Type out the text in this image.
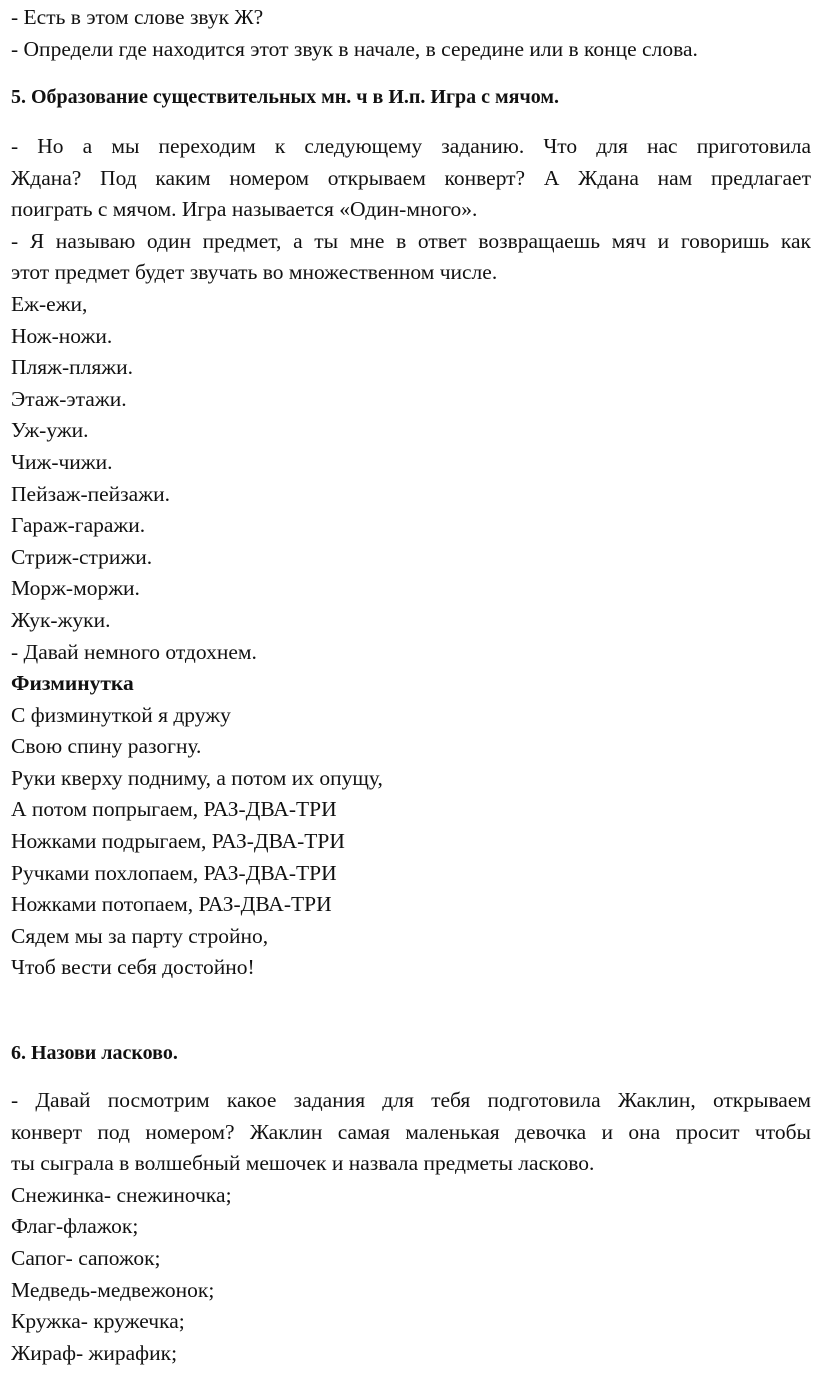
- Есть в этом слове звук Ж?
- Определи где находится этот звук в начале, в середине или в конце слова.
5. Образование существительных мн. ч в И.п. Игра с мячом.
- Но а мы переходим к следующему заданию. Что для нас приготовила
Ждана? Под каким номером открываем конверт? А Ждана нам предлагает
поиграть с мячом. Игра называется «Один-много».
- Я называю один предмет, а ты мне в ответ возвращаешь мяч и говоришь как
этот предмет будет звучать во множественном числе.
Еж-ежи,
Нож-ножи.
Пляж-пляжи.
Этаж-этажи.
Уж-ужи.
Чиж-чижи.
Пейзаж-пейзажи.
Гараж-гаражи.
Стриж-стрижи.
Морж-моржи.
Жук-жуки.
- Давай немного отдохнем.
Физминутка
С физминуткой я дружу
Свою спину разогну.
Руки кверху подниму, а потом их опущу,
А потом попрыгаем, РАЗ-ДВА-ТРИ
Ножками подрыгаем, РАЗ-ДВА-ТРИ
Ручками похлопаем, РАЗ-ДВА-ТРИ
Ножками потопаем, РАЗ-ДВА-ТРИ
Сядем мы за парту стройно,
Чтоб вести себя достойно!
6. Назови ласково.
- Давай посмотрим какое задания для тебя подготовила Жаклин, открываем
конверт под номером? Жаклин самая маленькая девочка и она просит чтобы
ты сыграла в волшебный мешочек и назвала предметы ласково.
Снежинка- снежиночка;
Флаг-флажок;
Сапог- сапожок;
Медведь-медвежонок;
Кружка- кружечка;
Жираф- жирафик;
